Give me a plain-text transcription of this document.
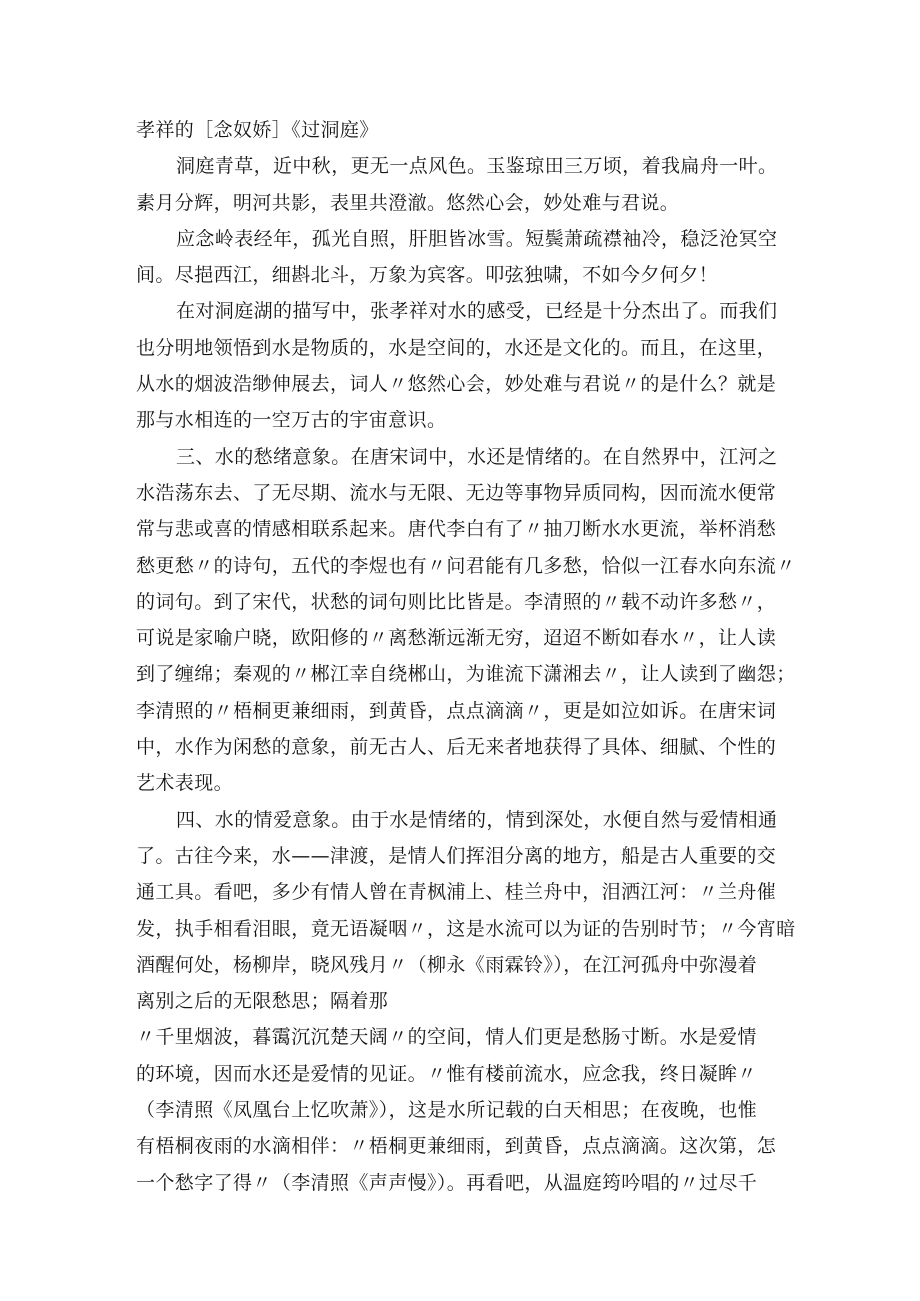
孝祥的［念奴娇］《过洞庭》
洞庭青草，近中秋，更无一点风色。玉鉴琼田三万顷，着我扁舟一叶。
素月分辉，明河共影，表里共澄澈。悠然心会，妙处难与君说。
应念岭表经年，孤光自照，肝胆皆冰雪。短鬓萧疏襟袖冷，稳泛沧冥空
间。尽挹西江，细斟北斗，万象为宾客。叩弦独啸，不如今夕何夕！
在对洞庭湖的描写中，张孝祥对水的感受，已经是十分杰出了。而我们
也分明地领悟到水是物质的，水是空间的，水还是文化的。而且，在这里，
从水的烟波浩缈伸展去，词人〃悠然心会，妙处难与君说〃的是什么？就是
那与水相连的一空万古的宇宙意识。
三、水的愁绪意象。在唐宋词中，水还是情绪的。在自然界中，江河之
水浩荡东去、了无尽期、流水与无限、无边等事物异质同构，因而流水便常
常与悲或喜的情感相联系起来。唐代李白有了〃抽刀断水水更流，举杯消愁
愁更愁〃的诗句，五代的李煜也有〃问君能有几多愁，恰似一江春水向东流〃
的词句。到了宋代，状愁的词句则比比皆是。李清照的〃载不动许多愁〃，
可说是家喻户晓，欧阳修的〃离愁渐远渐无穷，迢迢不断如春水〃，让人读
到了缠绵；秦观的〃郴江幸自绕郴山，为谁流下潇湘去〃，让人读到了幽怨；
李清照的〃梧桐更兼细雨，到黄昏，点点滴滴〃，更是如泣如诉。在唐宋词
中，水作为闲愁的意象，前无古人、后无来者地获得了具体、细腻、个性的
艺术表现。
四、水的情爱意象。由于水是情绪的，情到深处，水便自然与爱情相通
了。古往今来，水——津渡，是情人们挥泪分离的地方，船是古人重要的交
通工具。看吧，多少有情人曾在青枫浦上、桂兰舟中，泪洒江河：〃兰舟催
发，执手相看泪眼，竟无语凝咽〃，这是水流可以为证的告别时节；〃今宵暗
酒醒何处，杨柳岸，晓风残月〃（柳永《雨霖铃》），在江河孤舟中弥漫着
离别之后的无限愁思；隔着那
〃千里烟波，暮霭沉沉楚天阔〃的空间，情人们更是愁肠寸断。水是爱情
的环境，因而水还是爱情的见证。〃惟有楼前流水，应念我，终日凝眸〃
（李清照《凤凰台上忆吹萧》），这是水所记载的白天相思；在夜晚，也惟
有梧桐夜雨的水滴相伴：〃梧桐更兼细雨，到黄昏，点点滴滴。这次第，怎
一个愁字了得〃（李清照《声声慢》）。再看吧，从温庭筠吟唱的〃过尽千
